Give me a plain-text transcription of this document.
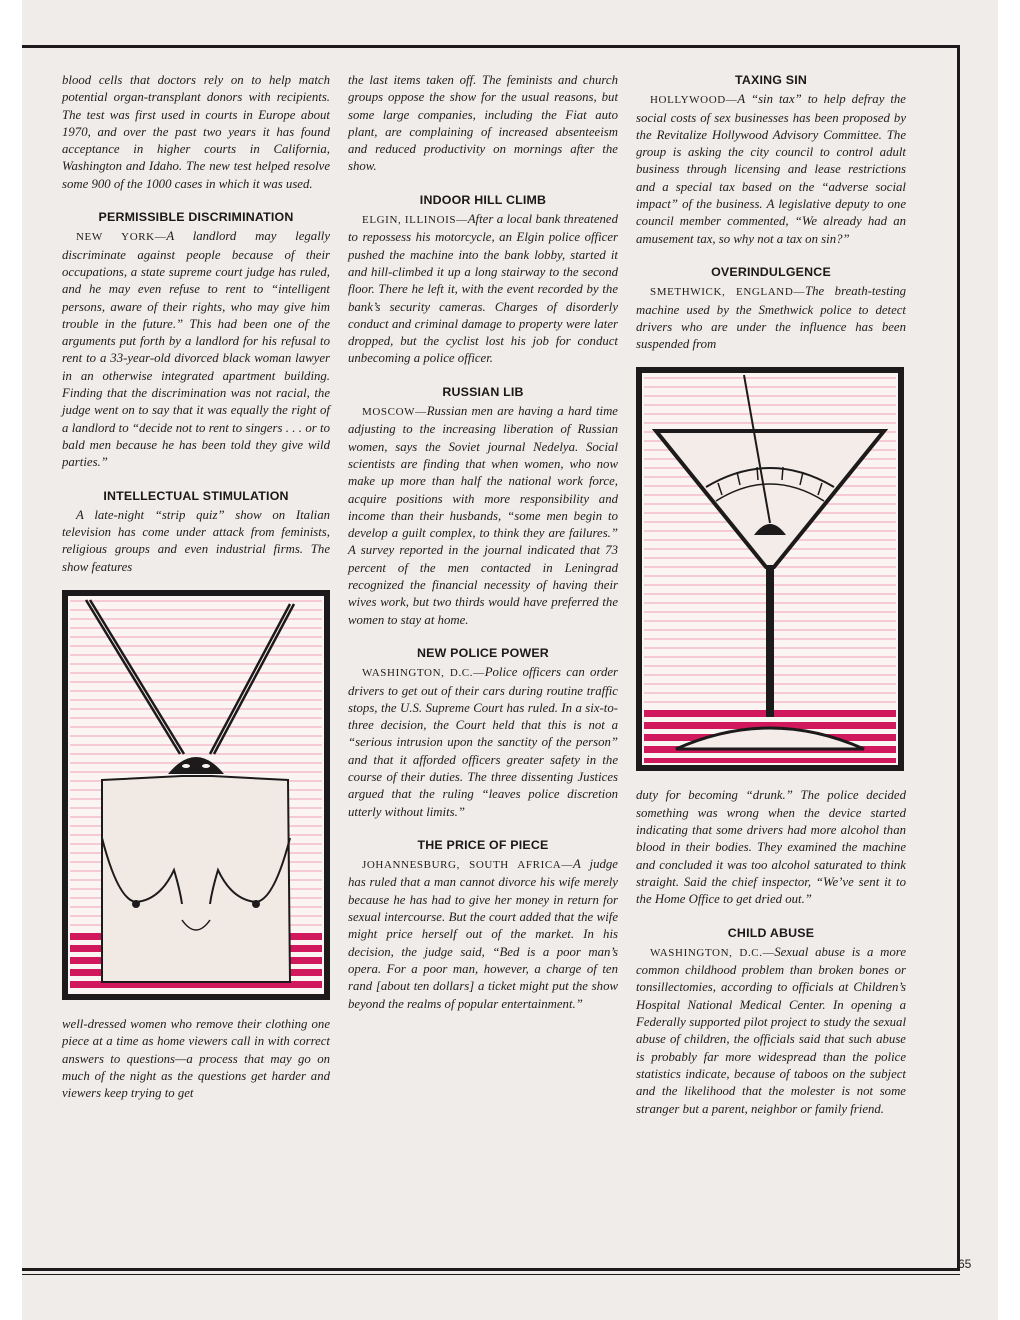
65

blood cells that doctors rely on to help match potential organ-transplant donors with recipients. The test was first used in courts in Europe about 1970, and over the past two years it has found acceptance in higher courts in California, Washington and Idaho. The new test helped resolve some 900 of the 1000 cases in which it was used.

PERMISSIBLE DISCRIMINATION

NEW YORK—A landlord may legally discriminate against people because of their occupations, a state supreme court judge has ruled, and he may even refuse to rent to “intelligent persons, aware of their rights, who may give him trouble in the future.” This had been one of the arguments put forth by a landlord for his refusal to rent to a 33-year-old divorced black woman lawyer in an otherwise integrated apartment building. Finding that the discrimination was not racial, the judge went on to say that it was equally the right of a landlord to “decide not to rent to singers . . . or to bald men because he has been told they give wild parties.”

INTELLECTUAL STIMULATION

A late-night “strip quiz” show on Italian television has come under attack from feminists, religious groups and even industrial firms. The show features

well-dressed women who remove their clothing one piece at a time as home viewers call in with correct answers to questions—a process that may go on much of the night as the questions get harder and viewers keep trying to get

the last items taken off. The feminists and church groups oppose the show for the usual reasons, but some large companies, including the Fiat auto plant, are complaining of increased absenteeism and reduced productivity on mornings after the show.

INDOOR HILL CLIMB

ELGIN, ILLINOIS—After a local bank threatened to repossess his motorcycle, an Elgin police officer pushed the machine into the bank lobby, started it and hill-climbed it up a long stairway to the second floor. There he left it, with the event recorded by the bank’s security cameras. Charges of disorderly conduct and criminal damage to property were later dropped, but the cyclist lost his job for conduct unbecoming a police officer.

RUSSIAN LIB

MOSCOW—Russian men are having a hard time adjusting to the increasing liberation of Russian women, says the Soviet journal Nedelya. Social scientists are finding that when women, who now make up more than half the national work force, acquire positions with more responsibility and income than their husbands, “some men begin to develop a guilt complex, to think they are failures.” A survey reported in the journal indicated that 73 percent of the men contacted in Leningrad recognized the financial necessity of having their wives work, but two thirds would have preferred the women to stay at home.

NEW POLICE POWER

WASHINGTON, D.C.—Police officers can order drivers to get out of their cars during routine traffic stops, the U.S. Supreme Court has ruled. In a six-to-three decision, the Court held that this is not a “serious intrusion upon the sanctity of the person” and that it afforded officers greater safety in the course of their duties. The three dissenting Justices argued that the ruling “leaves police discretion utterly without limits.”

THE PRICE OF PIECE

JOHANNESBURG, SOUTH AFRICA—A judge has ruled that a man cannot divorce his wife merely because he has had to give her money in return for sexual intercourse. But the court added that the wife might price herself out of the market. In his decision, the judge said, “Bed is a poor man’s opera. For a poor man, however, a charge of ten rand [about ten dollars] a ticket might put the show beyond the realms of popular entertainment.”

TAXING SIN

HOLLYWOOD—A “sin tax” to help defray the social costs of sex businesses has been proposed by the Revitalize Hollywood Advisory Committee. The group is asking the city council to control adult business through licensing and lease restrictions and a special tax based on the “adverse social impact” of the business. A legislative deputy to one council member commented, “We already had an amusement tax, so why not a tax on sin?”

OVERINDULGENCE

SMETHWICK, ENGLAND—The breath-testing machine used by the Smethwick police to detect drivers who are under the influence has been suspended from

duty for becoming “drunk.” The police decided something was wrong when the device started indicating that some drivers had more alcohol than blood in their bodies. They examined the machine and concluded it was too alcohol saturated to think straight. Said the chief inspector, “We’ve sent it to the Home Office to get dried out.”

CHILD ABUSE

WASHINGTON, D.C.—Sexual abuse is a more common childhood problem than broken bones or tonsillectomies, according to officials at Children’s Hospital National Medical Center. In opening a Federally supported pilot project to study the sexual abuse of children, the officials said that such abuse is probably far more widespread than the police statistics indicate, because of taboos on the subject and the likelihood that the molester is not some stranger but a parent, neighbor or family friend.
